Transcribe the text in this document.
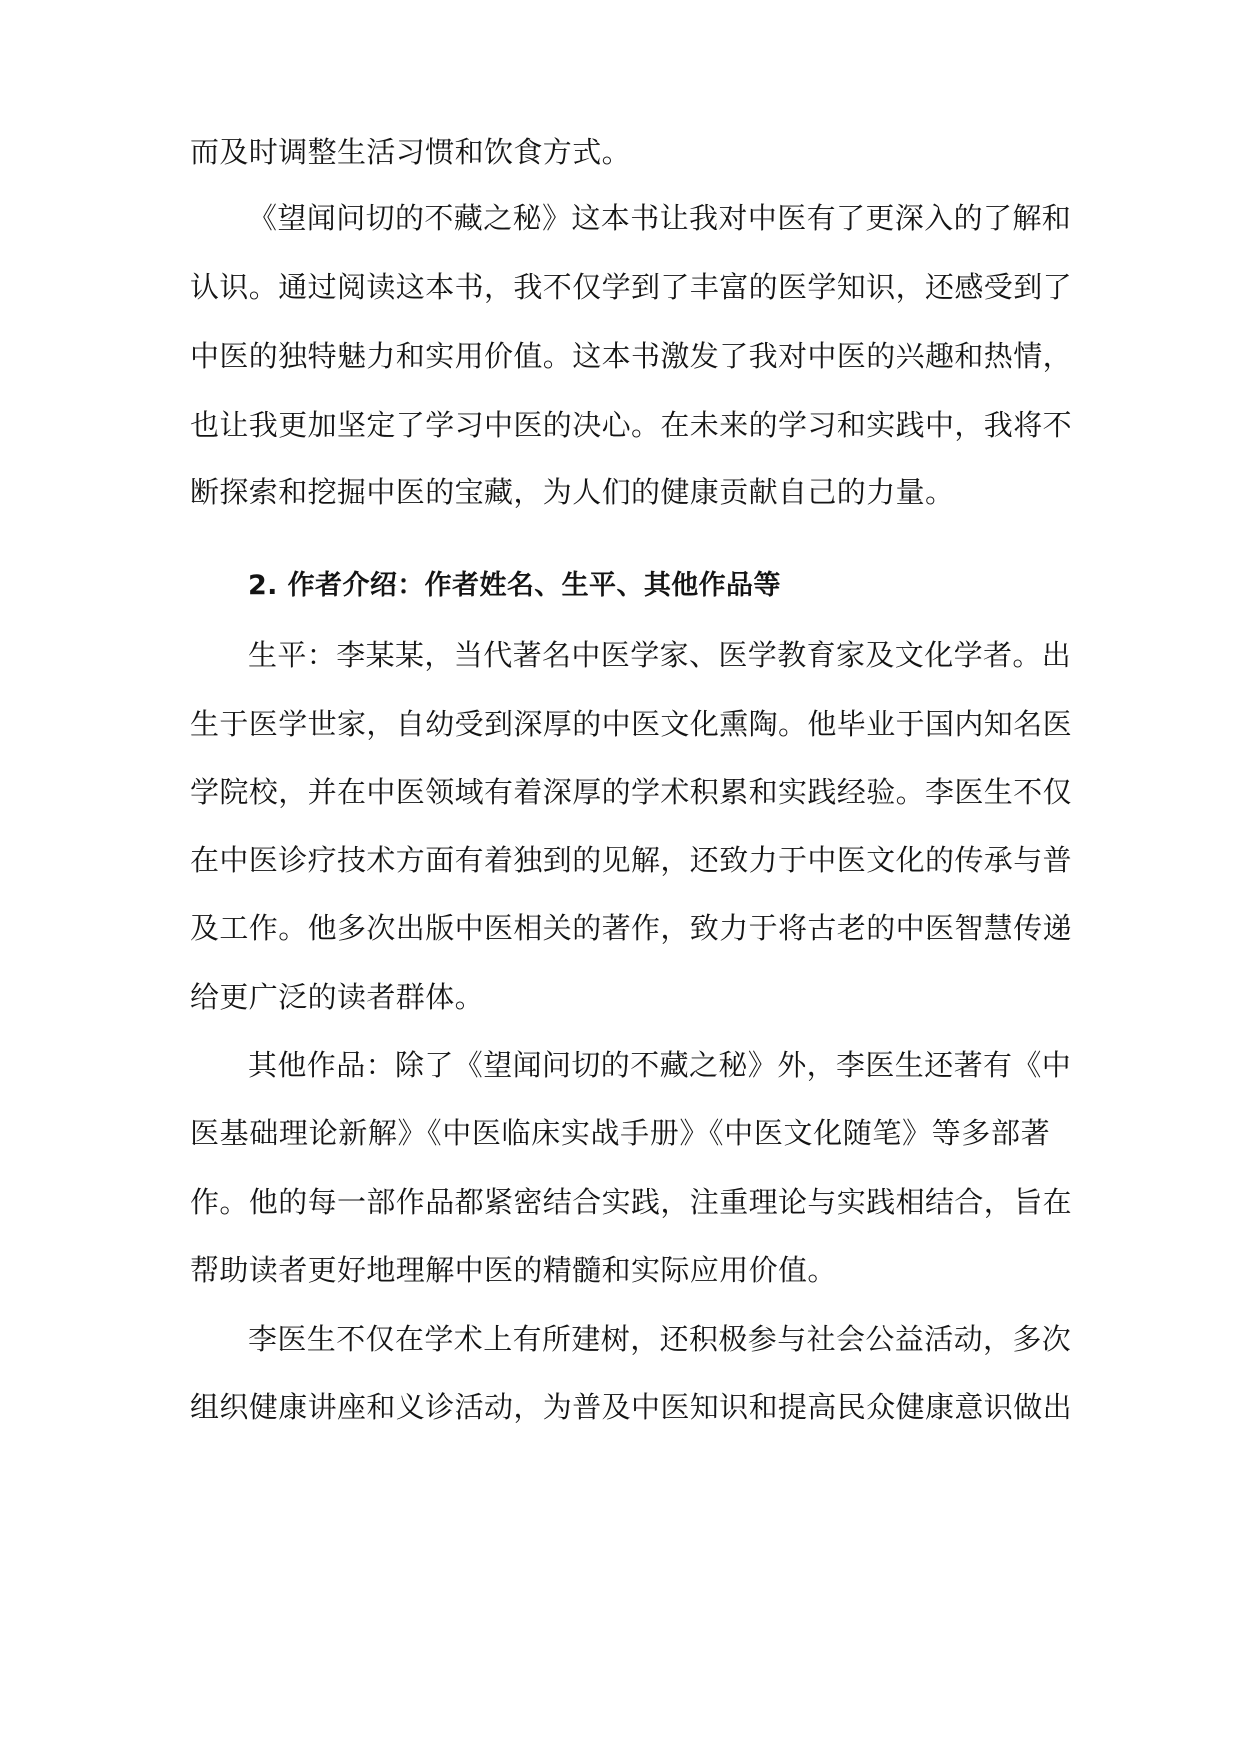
而及时调整生活习惯和饮食方式。
《望闻问切的不藏之秘》这本书让我对中医有了更深入的了解和
认识。通过阅读这本书，我不仅学到了丰富的医学知识，还感受到了
中医的独特魅力和实用价值。这本书激发了我对中医的兴趣和热情，
也让我更加坚定了学习中医的决心。在未来的学习和实践中，我将不
断探索和挖掘中医的宝藏，为人们的健康贡献自己的力量。
2. 作者介绍：作者姓名、生平、其他作品等
生平：李某某，当代著名中医学家、医学教育家及文化学者。出
生于医学世家，自幼受到深厚的中医文化熏陶。他毕业于国内知名医
学院校，并在中医领域有着深厚的学术积累和实践经验。李医生不仅
在中医诊疗技术方面有着独到的见解，还致力于中医文化的传承与普
及工作。他多次出版中医相关的著作，致力于将古老的中医智慧传递
给更广泛的读者群体。
其他作品：除了《望闻问切的不藏之秘》外，李医生还著有《中
医基础理论新解》《中医临床实战手册》《中医文化随笔》等多部著
作。他的每一部作品都紧密结合实践，注重理论与实践相结合，旨在
帮助读者更好地理解中医的精髓和实际应用价值。
李医生不仅在学术上有所建树，还积极参与社会公益活动，多次
组织健康讲座和义诊活动，为普及中医知识和提高民众健康意识做出
